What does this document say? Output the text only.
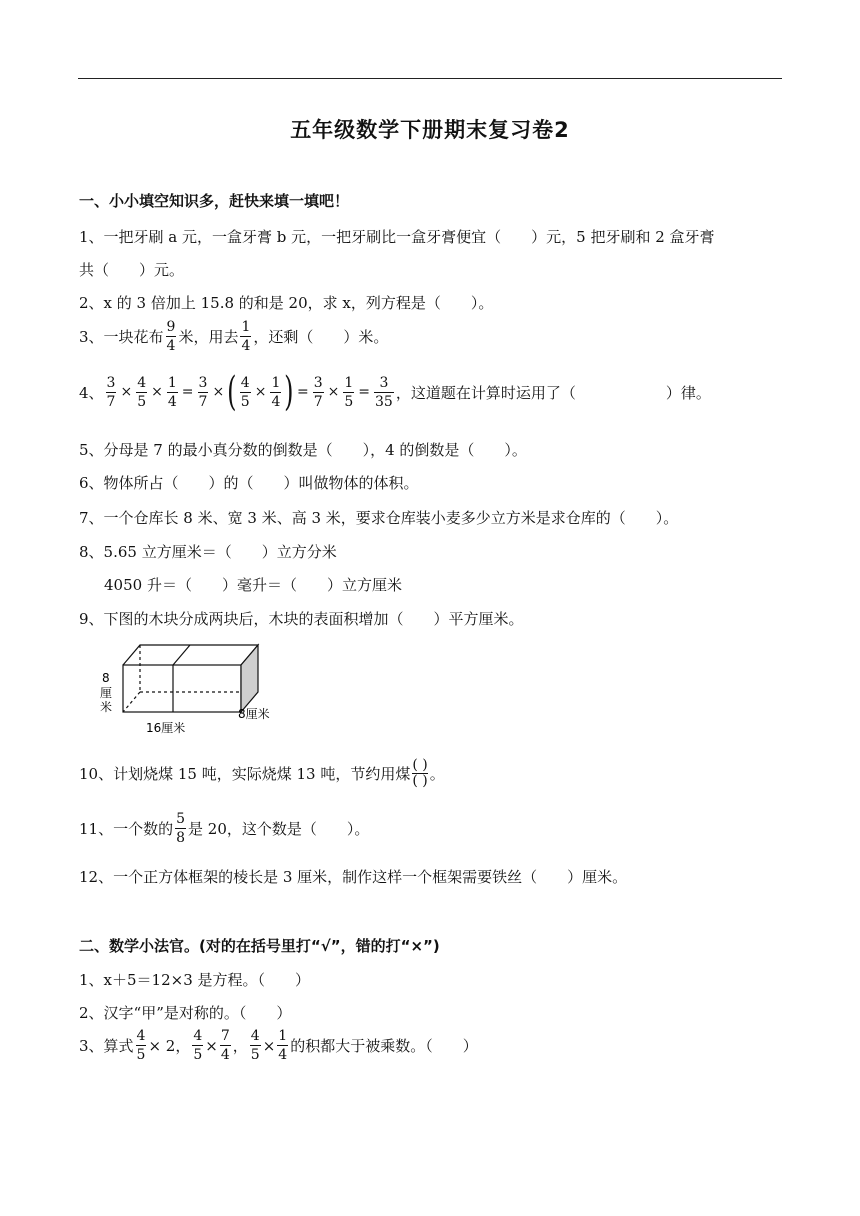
五年级数学下册期末复习卷2
一、小小填空知识多，赶快来填一填吧！
1、一把牙刷 a 元，一盒牙膏 b 元，一把牙刷比一盒牙膏便宜（　　）元，5 把牙刷和 2 盒牙膏
共（　　）元。
2、x 的 3 倍加上 15.8 的和是 20，求 x，列方程是（　　）。
3、一块花布 $\frac{9}{4}$ 米，用去 $\frac{1}{4}$ ，还剩（　　）米。
4、 $\frac{3}{7} \times \frac{4}{5} \times \frac{1}{4} = \frac{3}{7}$ × ( $\frac{4}{5} \times \frac{1}{4}$ ) = $\frac{3}{7} \times \frac{1}{5} = \frac{3}{35}$ ，这道题在计算时运用了（　　　　　　）律。
5、分母是 7 的最小真分数的倒数是（　　），4 的倒数是（　　）。
6、物体所占（　　）的（　　）叫做物体的体积。
7、一个仓库长 8 米、宽 3 米、高 3 米，要求仓库装小麦多少立方米是求仓库的（　　）。
8、5.65 立方厘米＝（　　）立方分米
4050 升＝（　　）毫升＝（　　）立方厘米
9、下图的木块分成两块后，木块的表面积增加（　　）平方厘米。
8
厘
米
16厘米
8厘米
10、计划烧煤 15 吨，实际烧煤 13 吨，节约用煤
( )
( ) 。
11、一个数的 $\frac{5}{8}$ 是 20，这个数是（　　）。
12、一个正方体框架的棱长是 3 厘米，制作这样一个框架需要铁丝（　　）厘米。
二、数学小法官。(对的在括号里打“√”，错的打“×”)
1、x＋5＝12×3 是方程。（　　）
2、汉字“甲”是对称的。（　　）
3、算式 $\frac{4}{5} \times 2$， $\frac{4}{5} \times \frac{7}{4}$ ， $\frac{4}{5} \times \frac{1}{4}$ 的积都大于被乘数。（　　）
